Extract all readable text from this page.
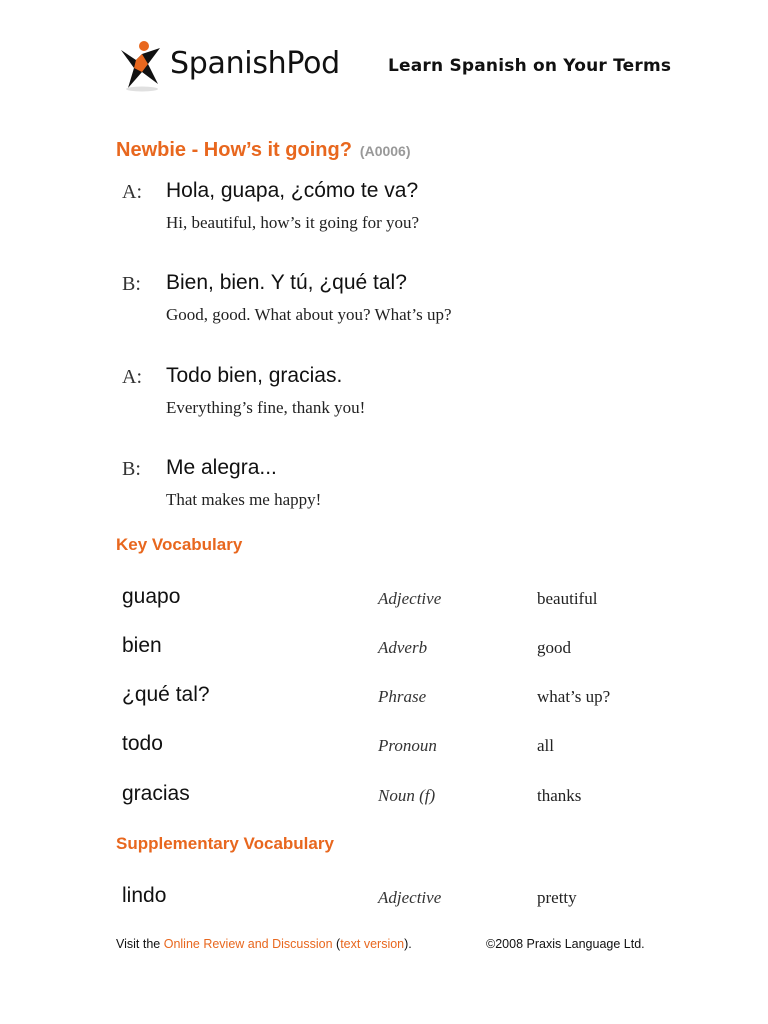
SpanishPod	Learn Spanish on Your Terms
Newbie - How’s it going? (A0006)
A: Hola, guapa, ¿cómo te va?
Hi, beautiful, how’s it going for you?
B: Bien, bien. Y tú, ¿qué tal?
Good, good. What about you? What’s up?
A: Todo bien, gracias.
Everything’s fine, thank you!
B: Me alegra...
That makes me happy!
Key Vocabulary
guapo	Adjective	beautiful
bien	Adverb	good
¿qué tal?	Phrase	what’s up?
todo	Pronoun	all
gracias	Noun (f)	thanks
Supplementary Vocabulary
lindo	Adjective	pretty
Visit the Online Review and Discussion (text version).	©2008 Praxis Language Ltd.
